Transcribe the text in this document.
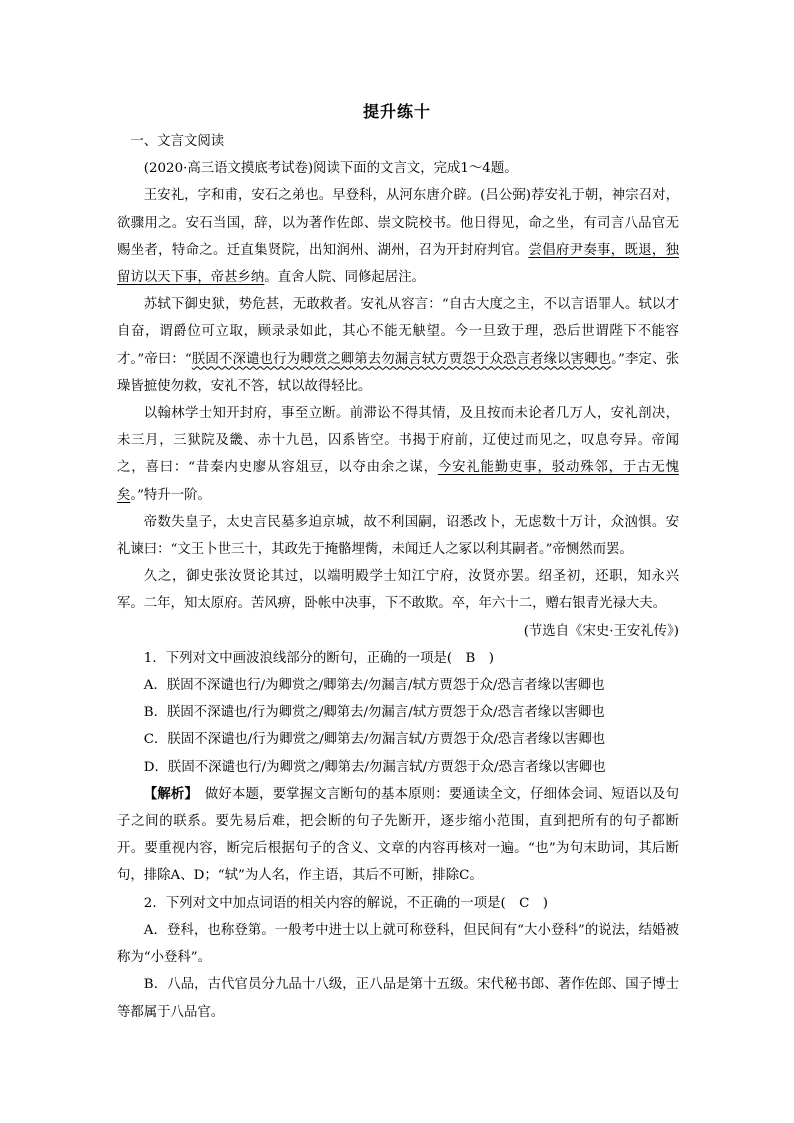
提升练十

一、文言文阅读

(2020·高三语文摸底考试卷)阅读下面的文言文，完成1～4题。

王安礼，字和甫，安石之弟也。早登科，从河东唐介辟。(吕公弼)荐安礼于朝，神宗召对，欲骤用之。安石当国，辞，以为著作佐郎、崇文院校书。他日得见，命之坐，有司言八品官无赐坐者，特命之。迁直集贤院，出知润州、湖州，召为开封府判官。尝倡府尹奏事，既退，独留访以天下事，帝甚乡纳。直舍人院、同修起居注。

苏轼下御史狱，势危甚，无敢救者。安礼从容言：“自古大度之主，不以言语罪人。轼以才自奋，谓爵位可立取，顾录录如此，其心不能无觖望。今一旦致于理，恐后世谓陛下不能容才。”帝曰：“朕固不深谴也行为卿赏之卿第去勿漏言轼方贾怨于众恐言者缘以害卿也。”李定、张璪皆摭使勿救，安礼不答，轼以故得轻比。

以翰林学士知开封府，事至立断。前滞讼不得其情，及且按而未论者几万人，安礼剖决，未三月，三狱院及畿、赤十九邑，囚系皆空。书揭于府前，辽使过而见之，叹息夸异。帝闻之，喜曰：“昔秦内史廖从容俎豆，以夺由余之谋，今安礼能勤吏事，驳动殊邻，于古无愧矣。”特升一阶。

帝数失皇子，太史言民墓多迫京城，故不利国嗣，诏悉改卜，无虑数十万计，众汹惧。安礼谏曰：“文王卜世三十，其政先于掩骼埋胔，未闻迁人之冢以利其嗣者。”帝恻然而罢。

久之，御史张汝贤论其过，以端明殿学士知江宁府，汝贤亦罢。绍圣初，还职，知永兴军。二年，知太原府。苦风痹，卧帐中决事，下不敢欺。卒，年六十二，赠右银青光禄大夫。

(节选自《宋史·王安礼传》)

1．下列对文中画波浪线部分的断句，正确的一项是(　B　)

A．朕固不深谴也行/为卿赏之/卿第去/勿漏言/轼方贾怨于众/恐言者缘以害卿也

B．朕固不深谴也/行为卿赏之/卿第去/勿漏言/轼方贾怨于众/恐言者缘以害卿也

C．朕固不深谴也/行为卿赏之/卿第去/勿漏言轼/方贾怨于众/恐言者缘以害卿也

D．朕固不深谴也行/为卿赏之/卿第去/勿漏言轼/方贾怨于众/恐言者缘以害卿也

【解析】　做好本题，要掌握文言断句的基本原则：要通读全文，仔细体会词、短语以及句子之间的联系。要先易后难，把会断的句子先断开，逐步缩小范围，直到把所有的句子都断开。要重视内容，断完后根据句子的含义、文章的内容再核对一遍。“也”为句末助词，其后断句，排除A、D；“轼”为人名，作主语，其后不可断，排除C。

2．下列对文中加点词语的相关内容的解说，不正确的一项是(　C　)

A．登科，也称登第。一般考中进士以上就可称登科，但民间有“大小登科”的说法，结婚被称为“小登科”。

B．八品，古代官员分九品十八级，正八品是第十五级。宋代秘书郎、著作佐郎、国子博士等都属于八品官。
